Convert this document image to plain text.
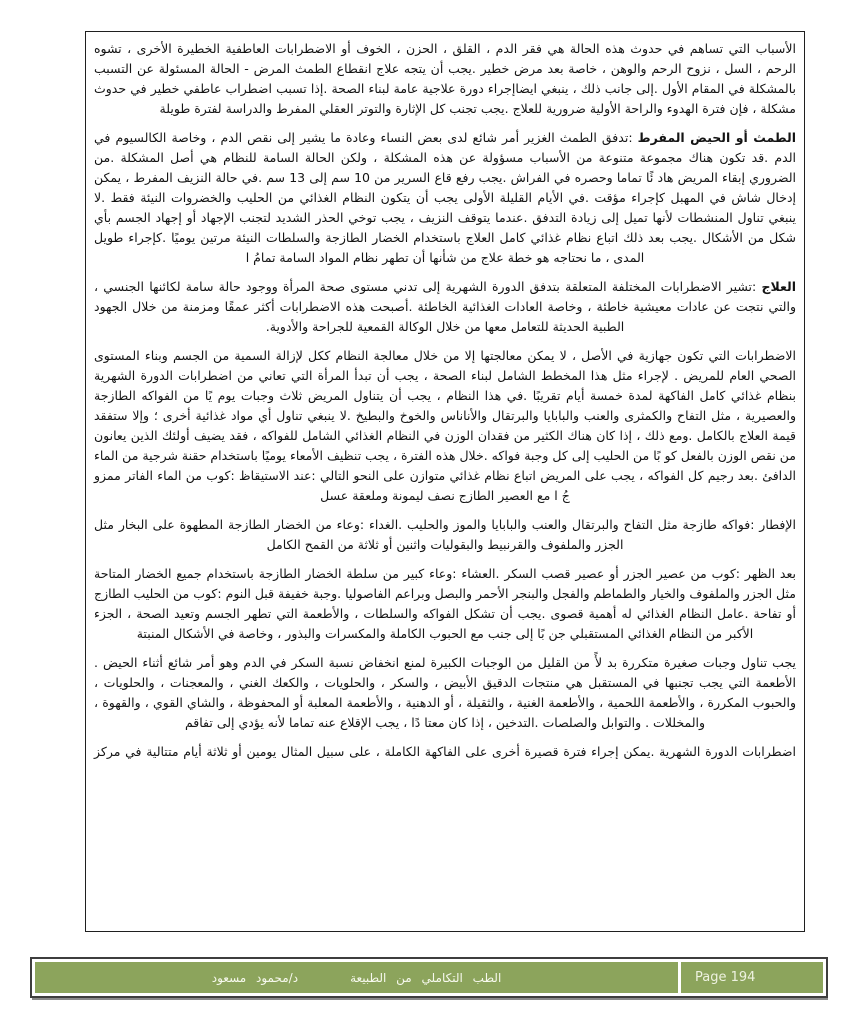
الأسباب التي تساهم في حدوث هذه الحالة هي فقر الدم ، القلق ، الحزن ، الخوف أو الاضطرابات العاطفية الخطيرة الأخرى ، تشوه الرحم ، السل ، نزوح الرحم والوهن ، خاصة بعد مرض خطير .يجب أن يتجه علاج انقطاع الطمث المرض - الحالة المسئولة عن التسبب بالمشكلة في المقام الأول .إلى جانب ذلك ، ينبغي ايضاإجراء دورة علاجية عامة لبناء الصحة .إذا تسبب اضطراب عاطفي خطير في حدوث مشكلة ، فإن فترة الهدوء والراحة الأولية ضرورية للعلاج .يجب تجنب كل الإثارة والتوتر العقلي المفرط والدراسة لفترة طويلة

الطمث أو الحيض المفرط :تدفق الطمث الغزير أمر شائع لدى بعض النساء وعادة ما يشير إلى نقص الدم ، وخاصة الكالسيوم في الدم .قد تكون هناك مجموعة متنوعة من الأسباب مسؤولة عن هذه المشكلة ، ولكن الحالة السامة للنظام هي أصل المشكلة .من الضروري إبقاء المريض هاد ئًا تماما وحصره في الفراش .يجب رفع قاع السرير من 10 سم إلى 13 سم .في حالة النزيف المفرط ، يمكن إدخال شاش في المهبل كإجراء مؤقت .في الأيام القليلة الأولى يجب أن يتكون النظام الغذائي من الحليب والخضروات النيئة فقط .لا ينبغي تناول المنشطات لأنها تميل إلى زيادة التدفق .عندما يتوقف النزيف ، يجب توخي الحذر الشديد لتجنب الإجهاد أو إجهاد الجسم بأي شكل من الأشكال .يجب بعد ذلك اتباع نظام غذائي كامل العلاج باستخدام الخضار الطازجة والسلطات النيئة مرتين يوميًا .كإجراء طويل المدى ، ما نحتاجه هو خطة علاج من شأنها أن تطهر نظام المواد السامة تمامُ ا

العلاج :تشير الاضطرابات المختلفة المتعلقة بتدفق الدورة الشهرية إلى تدني مستوى صحة المرأة ووجود حالة سامة لكائنها الجنسي ، والتي نتجت عن عادات معيشية خاطئة ، وخاصة العادات الغذائية الخاطئة .أصبحت هذه الاضطرابات أكثر عمقًا ومزمنة من خلال الجهود الطبية الحديثة للتعامل معها من خلال الوكالة القمعية للجراحة والأدوية.

الاضطرابات التي تكون جهازية في الأصل ، لا يمكن معالجتها إلا من خلال معالجة النظام ككل لإزالة السمية من الجسم وبناء المستوى الصحي العام للمريض . لإجراء مثل هذا المخطط الشامل لبناء الصحة ، يجب أن تبدأ المرأة التي تعاني من اضطرابات الدورة الشهرية بنظام غذائي كامل الفاكهة لمدة خمسة أيام تقريبًا .في هذا النظام ، يجب أن يتناول المريض ثلاث وجبات يوم يًا من الفواكه الطازجة والعصيرية ، مثل التفاح والكمثرى والعنب والبابايا والبرتقال والأناناس والخوخ والبطيخ .لا ينبغي تناول أي مواد غذائية أخرى ؛ وإلا ستفقد قيمة العلاج بالكامل .ومع ذلك ، إذا كان هناك الكثير من فقدان الوزن في النظام الغذائي الشامل للفواكه ، فقد يضيف أولئك الذين يعانون من نقص الوزن بالفعل كو بًا من الحليب إلى كل وجبة فواكه .خلال هذه الفترة ، يجب تنظيف الأمعاء يوميًا باستخدام حقنة شرجية من الماء الدافئ .بعد رجيم كل الفواكه ، يجب على المريض اتباع نظام غذائي متوازن على النحو التالي :عند الاستيقاظ :كوب من الماء الفاتر ممزو جُ ا مع العصير الطازج نصف ليمونة وملعقة عسل

الإفطار :فواكه طازجة مثل التفاح والبرتقال والعنب والبابايا والموز والحليب .الغداء :وعاء من الخضار الطازجة المطهوة على البخار مثل الجزر والملفوف والقرنبيط والبقوليات واثنين أو ثلاثة من القمح الكامل

بعد الظهر :كوب من عصير الجزر أو عصير قصب السكر .العشاء :وعاء كبير من سلطة الخضار الطازجة باستخدام جميع الخضار المتاحة مثل الجزر والملفوف والخيار والطماطم والفجل والبنجر الأحمر والبصل وبراعم الفاصوليا .وجبة خفيفة قبل النوم :كوب من الحليب الطازج أو تفاحة .عامل النظام الغذائي له أهمية قصوى .يجب أن تشكل الفواكه والسلطات ، والأطعمة التي تطهر الجسم وتعيد الصحة ، الجزء الأكبر من النظام الغذائي المستقبلي جن بًا إلى جنب مع الحبوب الكاملة والمكسرات والبذور ، وخاصة في الأشكال المنبتة

يجب تناول وجبات صغيرة متكررة بد لأً من القليل من الوجبات الكبيرة لمنع انخفاض نسبة السكر في الدم وهو أمر شائع أثناء الحيض . الأطعمة التي يجب تجنبها في المستقبل هي منتجات الدقيق الأبيض ، والسكر ، والحلويات ، والكعك الغني ، والمعجنات ، والحلويات ، والحبوب المكررة ، والأطعمة اللحمية ، والأطعمة الغنية ، والثقيلة ، أو الدهنية ، والأطعمة المعلبة أو المحفوظة ، والشاي القوي ، والقهوة ، والمخللات . والتوابل والصلصات .التدخين ، إذا كان معتا دًا ، يجب الإقلاع عنه تماما لأنه يؤدي إلى تفاقم

اضطرابات الدورة الشهرية .يمكن إجراء فترة قصيرة أخرى على الفاكهة الكاملة ، على سبيل المثال يومين أو ثلاثة أيام متتالية في مركز

الطب التكاملي من الطبيعة
د/محمود مسعود	Page 194
